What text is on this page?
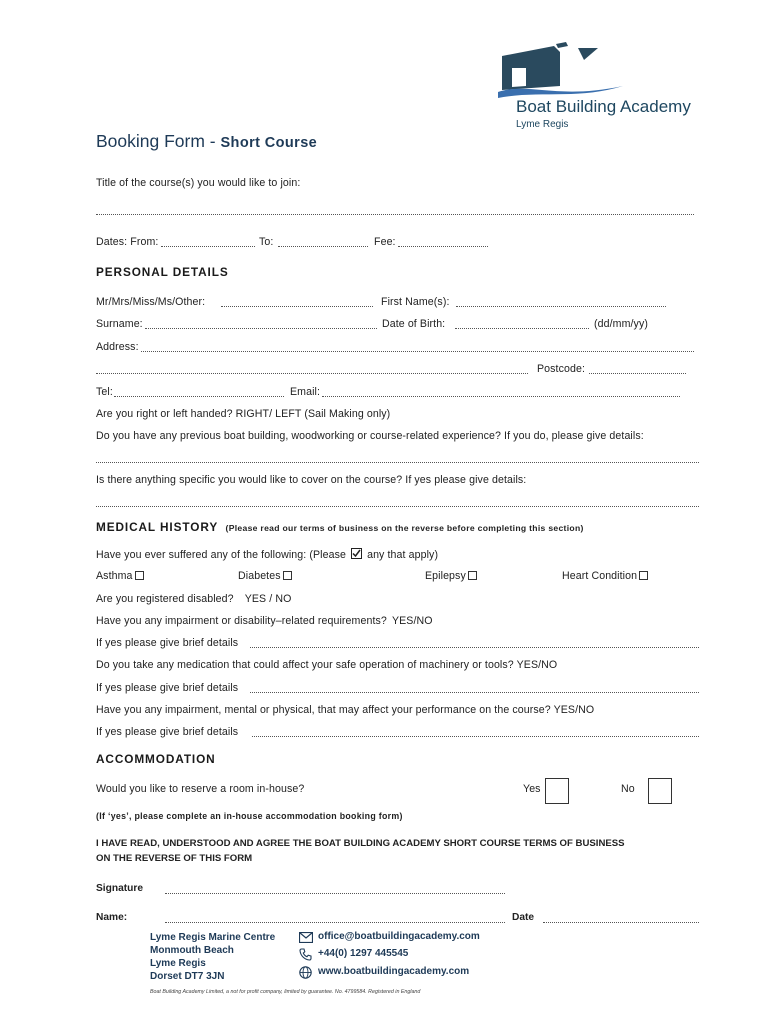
Boat Building Academy
Lyme Regis
Booking Form - Short Course
Title of the course(s) you would like to join:
Dates: From:	To:	Fee:
PERSONAL DETAILS
Mr/Mrs/Miss/Ms/Other:	First Name(s):
Surname:	Date of Birth:	(dd/mm/yy)
Address:
Postcode:
Tel:	Email:
Are you right or left handed? RIGHT/ LEFT (Sail Making only)
Do you have any previous boat building, woodworking or course-related experience? If you do, please give details:
Is there anything specific you would like to cover on the course? If yes please give details:
MEDICAL HISTORY (Please read our terms of business on the reverse before completing this section)
Have you ever suffered any of the following: (Please any that apply)
Asthma	Diabetes	Epilepsy	Heart Condition
Are you registered disabled? YES / NO
Have you any impairment or disability–related requirements? YES/NO
If yes please give brief details
Do you take any medication that could affect your safe operation of machinery or tools? YES/NO
If yes please give brief details
Have you any impairment, mental or physical, that may affect your performance on the course? YES/NO
If yes please give brief details
ACCOMMODATION
Would you like to reserve a room in-house?	Yes	No
(If ‘yes’, please complete an in-house accommodation booking form)
I HAVE READ, UNDERSTOOD AND AGREE THE BOAT BUILDING ACADEMY SHORT COURSE TERMS OF BUSINESS
ON THE REVERSE OF THIS FORM
Signature
Name:	Date
Lyme Regis Marine Centre
Monmouth Beach
Lyme Regis
Dorset DT7 3JN
office@boatbuildingacademy.com
+44(0) 1297 445545
www.boatbuildingacademy.com
Boat Building Academy Limited, a not for profit company, limited by guarantee. No. 4799584. Registered in England
